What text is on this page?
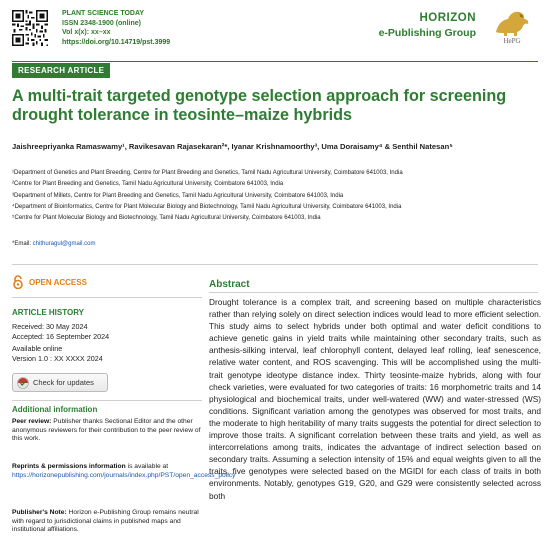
PLANT SCIENCE TODAY
ISSN 2348-1900 (online)
Vol x(x): xx–xx
https://doi.org/10.14719/pst.3999
HORIZON
e-Publishing Group
HePG
RESEARCH ARTICLE
A multi-trait targeted genotype selection approach for screening drought tolerance in teosinte–maize hybrids
Jaishreepriyanka Ramaswamy¹, Ravikesavan Rajasekaran²*, Iyanar Krishnamoorthy³, Uma Doraisamy⁴ & Senthil Natesan⁵
¹Department of Genetics and Plant Breeding, Centre for Plant Breeding and Genetics, Tamil Nadu Agricultural University, Coimbatore 641003, India
²Centre for Plant Breeding and Genetics, Tamil Nadu Agricultural University, Coimbatore 641003, India
³Department of Millets, Centre for Plant Breeding and Genetics, Tamil Nadu Agricultural University, Coimbatore 641003, India
⁴Department of Bioinformatics, Centre for Plant Molecular Biology and Biotechnology, Tamil Nadu Agricultural University, Coimbatore 641003, India
⁵Centre for Plant Molecular Biology and Biotechnology, Tamil Nadu Agricultural University, Coimbatore 641003, India
*Email: chithuragul@gmail.com
OPEN ACCESS
ARTICLE HISTORY
Received: 30 May 2024
Accepted: 16 September 2024
Available online
Version 1.0 : XX XXXX 2024
Check for updates
Additional information
Peer review: Publisher thanks Sectional Editor and the other anonymous reviewers for their contribution to the peer review of this work.
Reprints & permissions information is available at https://horizonepublishing.com/journals/index.php/PST/open_access_policy
Publisher's Note: Horizon e-Publishing Group remains neutral with regard to jurisdictional claims in published maps and institutional affiliations.
Abstract
Drought tolerance is a complex trait, and screening based on multiple characteristics rather than relying solely on direct selection indices would lead to more efficient selection. This study aims to select hybrids under both optimal and water deficit conditions to achieve genetic gains in yield traits while maintaining other secondary traits, such as anthesis-silking interval, leaf chlorophyll content, delayed leaf rolling, leaf senescence, relative water content, and ROS scavenging. This will be accomplished using the multi-trait genotype ideotype distance index. Thirty teosinte-maize hybrids, along with four check varieties, were evaluated for two categories of traits: 16 morphometric traits and 14 physiological and biochemical traits, under well-watered (WW) and water-stressed (WS) conditions. Significant variation among the genotypes was observed for most traits, and the moderate to high heritability of many traits suggests the potential for direct selection to improve those traits. A significant correlation between these traits and yield, as well as intercorrelations among traits, indicates the advantage of indirect selection based on secondary traits. Assuming a selection intensity of 15% and equal weights given to all the traits, five genotypes were selected based on the MGIDI for each class of traits in both environments. Notably, genotypes G19, G20, and G29 were consistently selected across both
